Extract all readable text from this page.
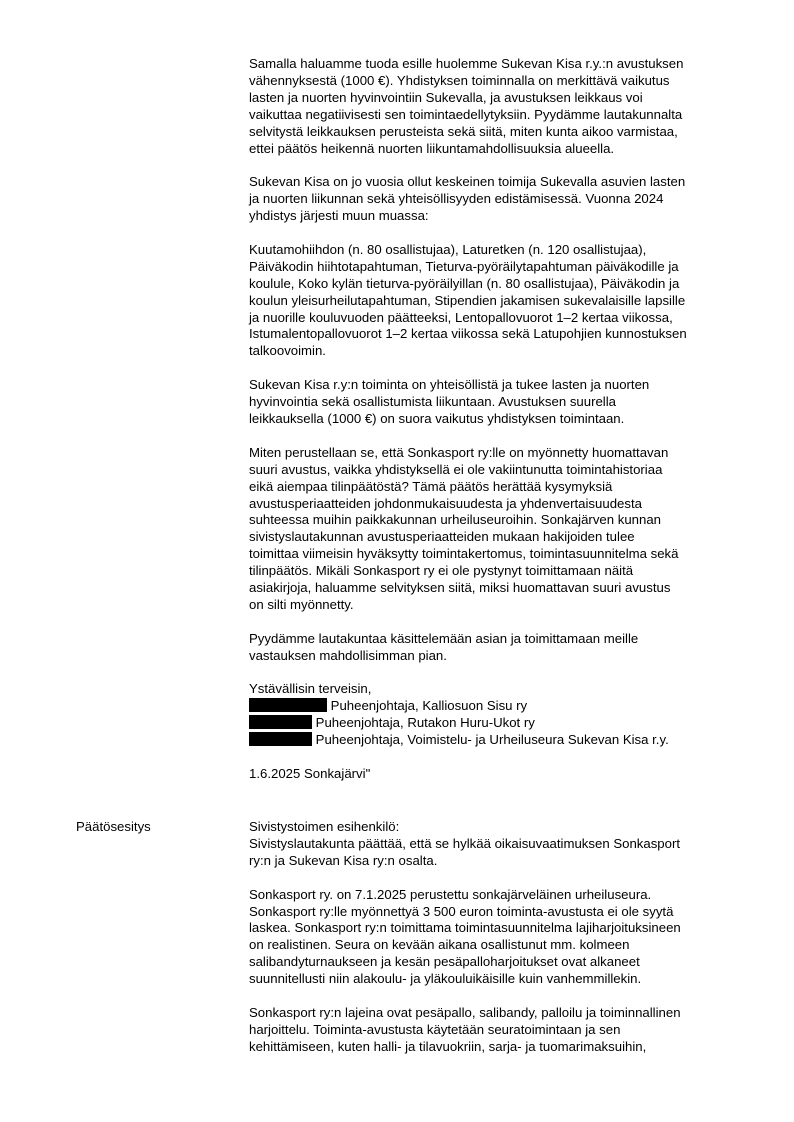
Samalla haluamme tuoda esille huolemme Sukevan Kisa r.y.:n avustuksen
vähennyksestä (1000 €). Yhdistyksen toiminnalla on merkittävä vaikutus
lasten ja nuorten hyvinvointiin Sukevalla, ja avustuksen leikkaus voi
vaikuttaa negatiivisesti sen toimintaedellytyksiin. Pyydämme lautakunnalta
selvitystä leikkauksen perusteista sekä siitä, miten kunta aikoo varmistaa,
ettei päätös heikennä nuorten liikuntamahdollisuuksia alueella.

Sukevan Kisa on jo vuosia ollut keskeinen toimija Sukevalla asuvien lasten
ja nuorten liikunnan sekä yhteisöllisyyden edistämisessä. Vuonna 2024
yhdistys järjesti muun muassa:

Kuutamohiihdon (n. 80 osallistujaa), Laturetken (n. 120 osallistujaa),
Päiväkodin hiihtotapahtuman, Tieturva-pyöräilytapahtuman päiväkodille ja
koulule, Koko kylän tieturva-pyöräilyillan (n. 80 osallistujaa), Päiväkodin ja
koulun yleisurheilutapahtuman, Stipendien jakamisen sukevalaisille lapsille
ja nuorille kouluvuoden päätteeksi, Lentopallovuorot 1–2 kertaa viikossa,
Istumalentopallovuorot 1–2 kertaa viikossa sekä Latupohjien kunnostuksen
talkoovoimin.

Sukevan Kisa r.y:n toiminta on yhteisöllistä ja tukee lasten ja nuorten
hyvinvointia sekä osallistumista liikuntaan. Avustuksen suurella
leikkauksella (1000 €) on suora vaikutus yhdistyksen toimintaan.

Miten perustellaan se, että Sonkasport ry:lle on myönnetty huomattavan
suuri avustus, vaikka yhdistyksellä ei ole vakiintunutta toimintahistoriaa
eikä aiempaa tilinpäätöstä? Tämä päätös herättää kysymyksiä
avustusperiaatteiden johdonmukaisuudesta ja yhdenvertaisuudesta
suhteessa muihin paikkakunnan urheiluseuroihin. Sonkajärven kunnan
sivistyslautakunnan avustusperiaatteiden mukaan hakijoiden tulee
toimittaa viimeisin hyväksytty toimintakertomus, toimintasuunnitelma sekä
tilinpäätös. Mikäli Sonkasport ry ei ole pystynyt toimittamaan näitä
asiakirjoja, haluamme selvityksen siitä, miksi huomattavan suuri avustus
on silti myönnetty.

Pyydämme lautakuntaa käsittelemään asian ja toimittamaan meille
vastauksen mahdollisimman pian.

Ystävällisin terveisin,
Puheenjohtaja, Kalliosuon Sisu ry
Puheenjohtaja, Rutakon Huru-Ukot ry
Puheenjohtaja, Voimistelu- ja Urheiluseura Sukevan Kisa r.y.

1.6.2025 Sonkajärvi"

Päätösesitys	Sivistystoimen esihenkilö:
Sivistyslautakunta päättää, että se hylkää oikaisuvaatimuksen Sonkasport
ry:n ja Sukevan Kisa ry:n osalta.

Sonkasport ry. on 7.1.2025 perustettu sonkajärveläinen urheiluseura.
Sonkasport ry:lle myönnettyä 3 500 euron toiminta-avustusta ei ole syytä
laskea. Sonkasport ry:n toimittama toimintasuunnitelma lajiharjoituksineen
on realistinen. Seura on kevään aikana osallistunut mm. kolmeen
salibandyturnaukseen ja kesän pesäpalloharjoitukset ovat alkaneet
suunnitellusti niin alakoulu- ja yläkouluikäisille kuin vanhemmillekin.

Sonkasport ry:n lajeina ovat pesäpallo, salibandy, palloilu ja toiminnallinen
harjoittelu. Toiminta-avustusta käytetään seuratoimintaan ja sen
kehittämiseen, kuten halli- ja tilavuokriin, sarja- ja tuomarimaksuihin,
